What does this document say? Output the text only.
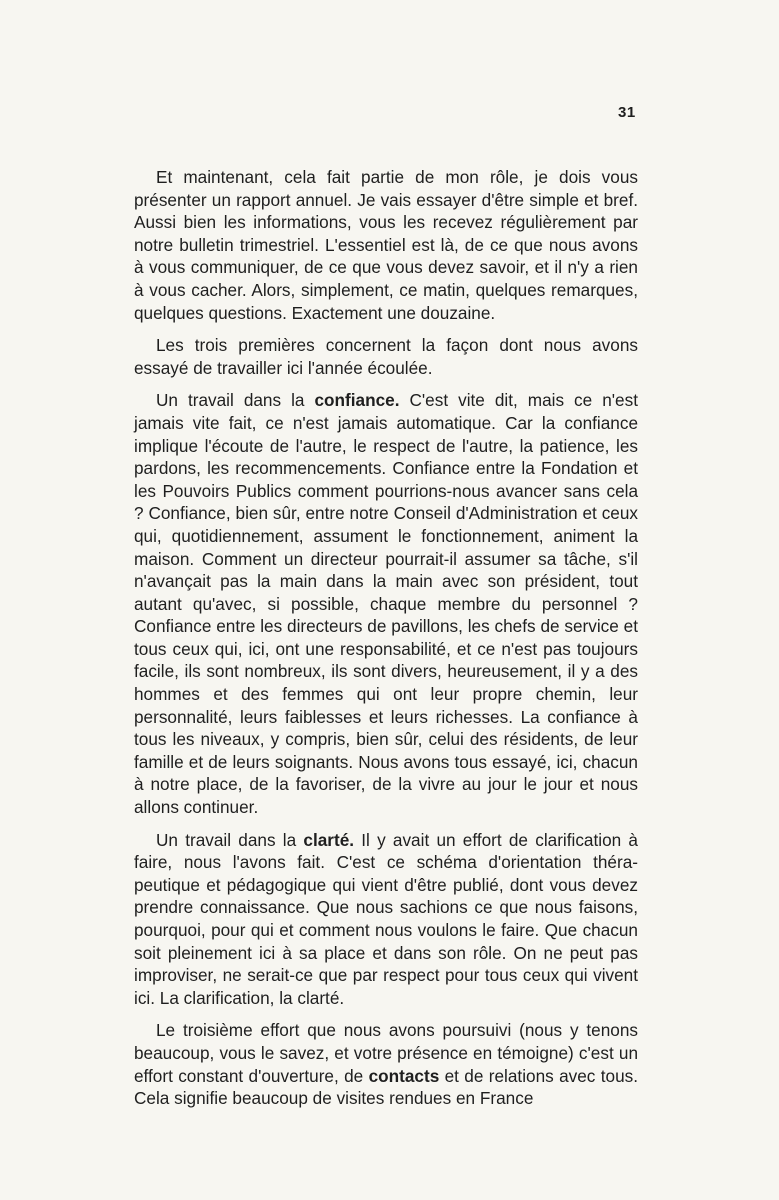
31

Et maintenant, cela fait partie de mon rôle, je dois vous présenter un rapport annuel. Je vais essayer d'être simple et bref. Aussi bien les informations, vous les recevez régulièrement par notre bulletin trimestriel. L'essentiel est là, de ce que nous avons à vous communiquer, de ce que vous devez savoir, et il n'y a rien à vous cacher. Alors, simplement, ce matin, quelques remarques, quelques questions. Exactement une douzaine.

Les trois premières concernent la façon dont nous avons essayé de travailler ici l'année écoulée.

Un travail dans la confiance. C'est vite dit, mais ce n'est jamais vite fait, ce n'est jamais automatique. Car la confiance implique l'écoute de l'autre, le respect de l'autre, la patience, les pardons, les recommencements. Confiance entre la Fondation et les Pouvoirs Publics comment pourrions-nous avancer sans cela ? Confiance, bien sûr, entre notre Conseil d'Administration et ceux qui, quotidiennement, assument le fonctionnement, animent la maison. Comment un directeur pourrait-il assumer sa tâche, s'il n'avançait pas la main dans la main avec son président, tout autant qu'avec, si possible, chaque membre du personnel ? Confiance entre les directeurs de pavillons, les chefs de service et tous ceux qui, ici, ont une responsabilité, et ce n'est pas toujours facile, ils sont nombreux, ils sont divers, heureusement, il y a des hommes et des femmes qui ont leur propre chemin, leur personnalité, leurs faiblesses et leurs richesses. La confiance à tous les niveaux, y compris, bien sûr, celui des résidents, de leur famille et de leurs soignants. Nous avons tous essayé, ici, chacun à notre place, de la favoriser, de la vivre au jour le jour et nous allons continuer.

Un travail dans la clarté. Il y avait un effort de clarification à faire, nous l'avons fait. C'est ce schéma d'orientation thérapeutique et pédagogique qui vient d'être publié, dont vous devez prendre connaissance. Que nous sachions ce que nous faisons, pourquoi, pour qui et comment nous voulons le faire. Que chacun soit pleinement ici à sa place et dans son rôle. On ne peut pas improviser, ne serait-ce que par respect pour tous ceux qui vivent ici. La clarification, la clarté.

Le troisième effort que nous avons poursuivi (nous y tenons beaucoup, vous le savez, et votre présence en témoigne) c'est un effort constant d'ouverture, de contacts et de relations avec tous. Cela signifie beaucoup de visites rendues en France
